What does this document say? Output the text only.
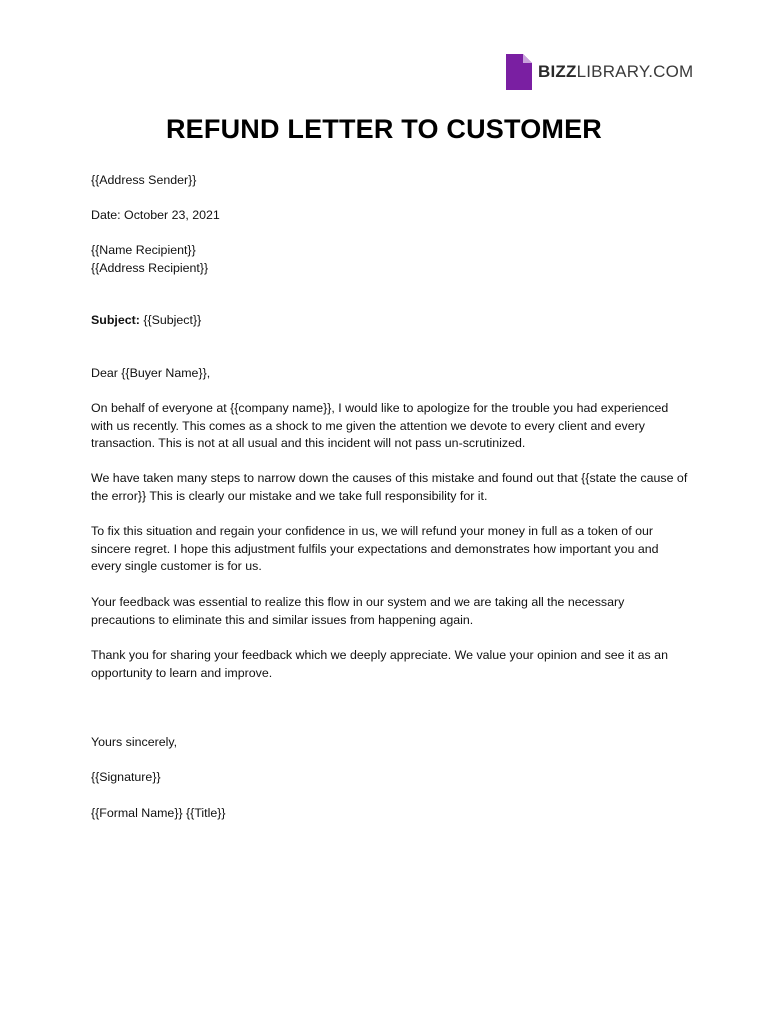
BIZZLIBRARY.COM
REFUND LETTER TO CUSTOMER
{{Address Sender}}
Date: October 23, 2021
{{Name Recipient}}
{{Address Recipient}}
Subject: {{Subject}}
Dear {{Buyer Name}},

On behalf of everyone at {{company name}}, I would like to apologize for the trouble you had experienced with us recently. This comes as a shock to me given the attention we devote to every client and every transaction. This is not at all usual and this incident will not pass un-scrutinized.

We have taken many steps to narrow down the causes of this mistake and found out that {{state the cause of the error}} This is clearly our mistake and we take full responsibility for it.

To fix this situation and regain your confidence in us, we will refund your money in full as a token of our sincere regret. I hope this adjustment fulfils your expectations and demonstrates how important you and every single customer is for us.

Your feedback was essential to realize this flow in our system and we are taking all the necessary precautions to eliminate this and similar issues from happening again.

Thank you for sharing your feedback which we deeply appreciate. We value your opinion and see it as an opportunity to learn and improve.

Yours sincerely,
{{Signature}}
{{Formal Name}} {{Title}}
